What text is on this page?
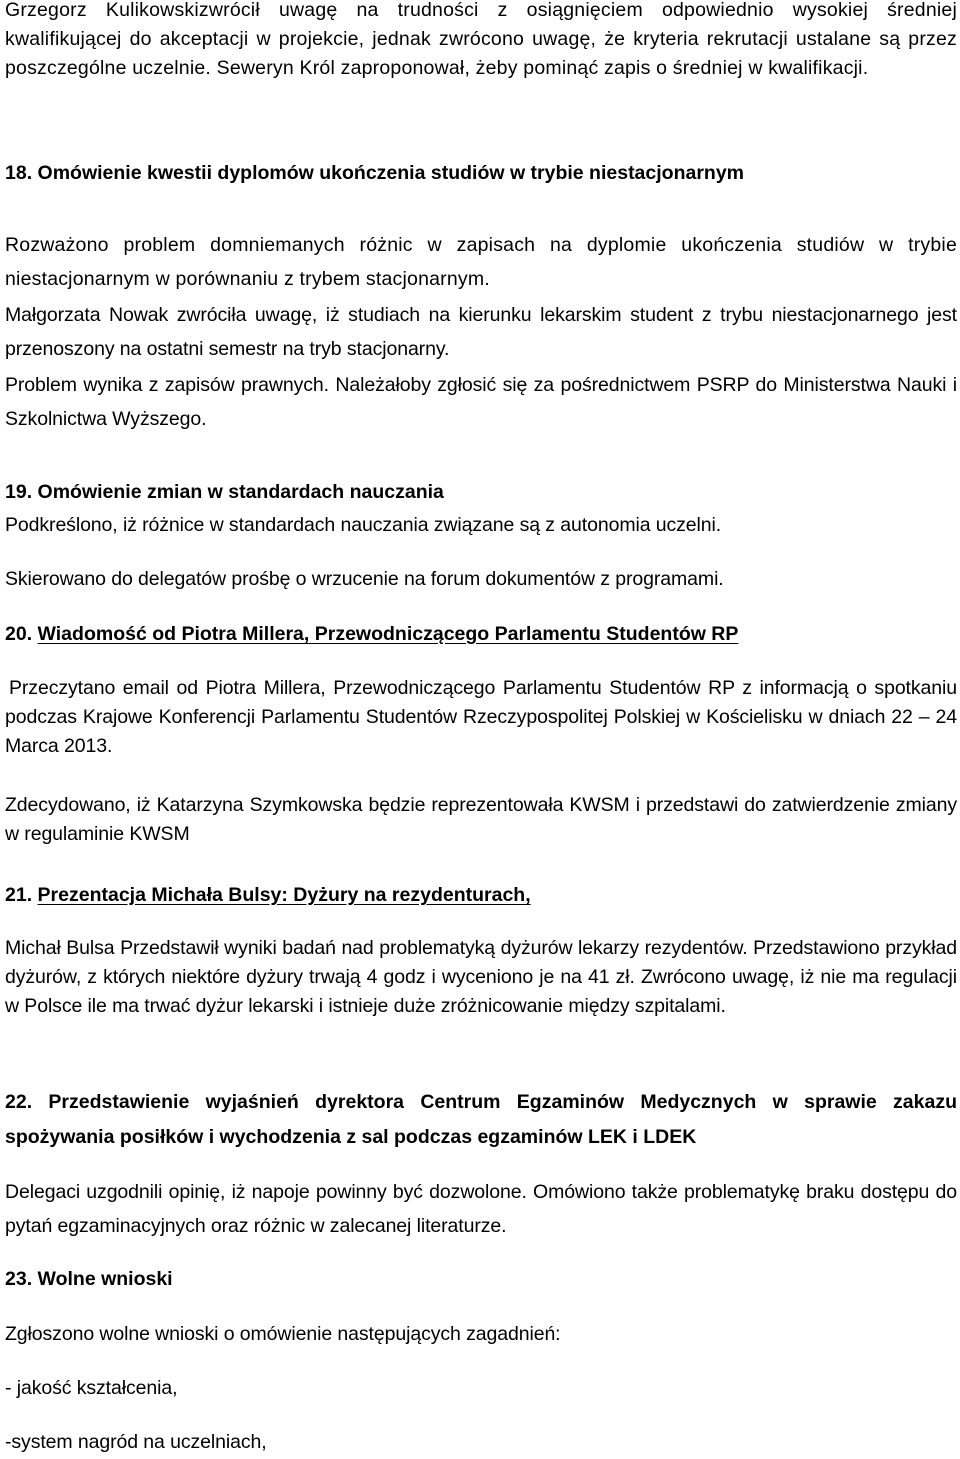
Grzegorz Kulikowskizwrócił uwagę na trudności z osiągnięciem odpowiednio wysokiej średniej kwalifikującej do akceptacji w projekcie, jednak zwrócono uwagę, że kryteria rekrutacji ustalane są przez poszczególne uczelnie. Seweryn Król zaproponował, żeby pominąć zapis o średniej w kwalifikacji.

18. Omówienie kwestii dyplomów ukończenia studiów w trybie niestacjonarnym

Rozważono problem domniemanych różnic w zapisach na dyplomie ukończenia studiów w trybie niestacjonarnym w porównaniu z trybem stacjonarnym.

Małgorzata Nowak zwróciła uwagę, iż studiach na kierunku lekarskim student z trybu niestacjonarnego jest przenoszony na ostatni semestr na tryb stacjonarny.

Problem wynika z zapisów prawnych. Należałoby zgłosić się za pośrednictwem PSRP do Ministerstwa Nauki i Szkolnictwa Wyższego.

19. Omówienie zmian w standardach nauczania

Podkreślono, iż różnice w standardach nauczania związane są z autonomia uczelni.

Skierowano do delegatów prośbę o wrzucenie na forum dokumentów z programami.

20. Wiadomość od Piotra Millera, Przewodniczącego Parlamentu Studentów RP

Przeczytano email od Piotra Millera, Przewodniczącego Parlamentu Studentów RP z informacją o spotkaniu podczas Krajowe Konferencji Parlamentu Studentów Rzeczypospolitej Polskiej w Kościelisku w dniach 22 – 24 Marca 2013.

Zdecydowano, iż Katarzyna Szymkowska będzie reprezentowała KWSM i przedstawi do zatwierdzenie zmiany w regulaminie KWSM

21. Prezentacja Michała Bulsy: Dyżury na rezydenturach,

Michał Bulsa Przedstawił wyniki badań nad problematyką dyżurów lekarzy rezydentów. Przedstawiono przykład dyżurów, z których niektóre dyżury trwają 4 godz i wyceniono je na 41 zł. Zwrócono uwagę, iż nie ma regulacji w Polsce ile ma trwać dyżur lekarski i istnieje duże zróżnicowanie między szpitalami.

22. Przedstawienie wyjaśnień dyrektora Centrum Egzaminów Medycznych w sprawie zakazu spożywania posiłków i wychodzenia z sal podczas egzaminów LEK i LDEK

Delegaci uzgodnili opinię, iż napoje powinny być dozwolone. Omówiono także problematykę braku dostępu do pytań egzaminacyjnych oraz różnic w zalecanej literaturze.

23. Wolne wnioski

Zgłoszono wolne wnioski o omówienie następujących zagadnień:

- jakość kształcenia,

-system nagród na uczelniach,
